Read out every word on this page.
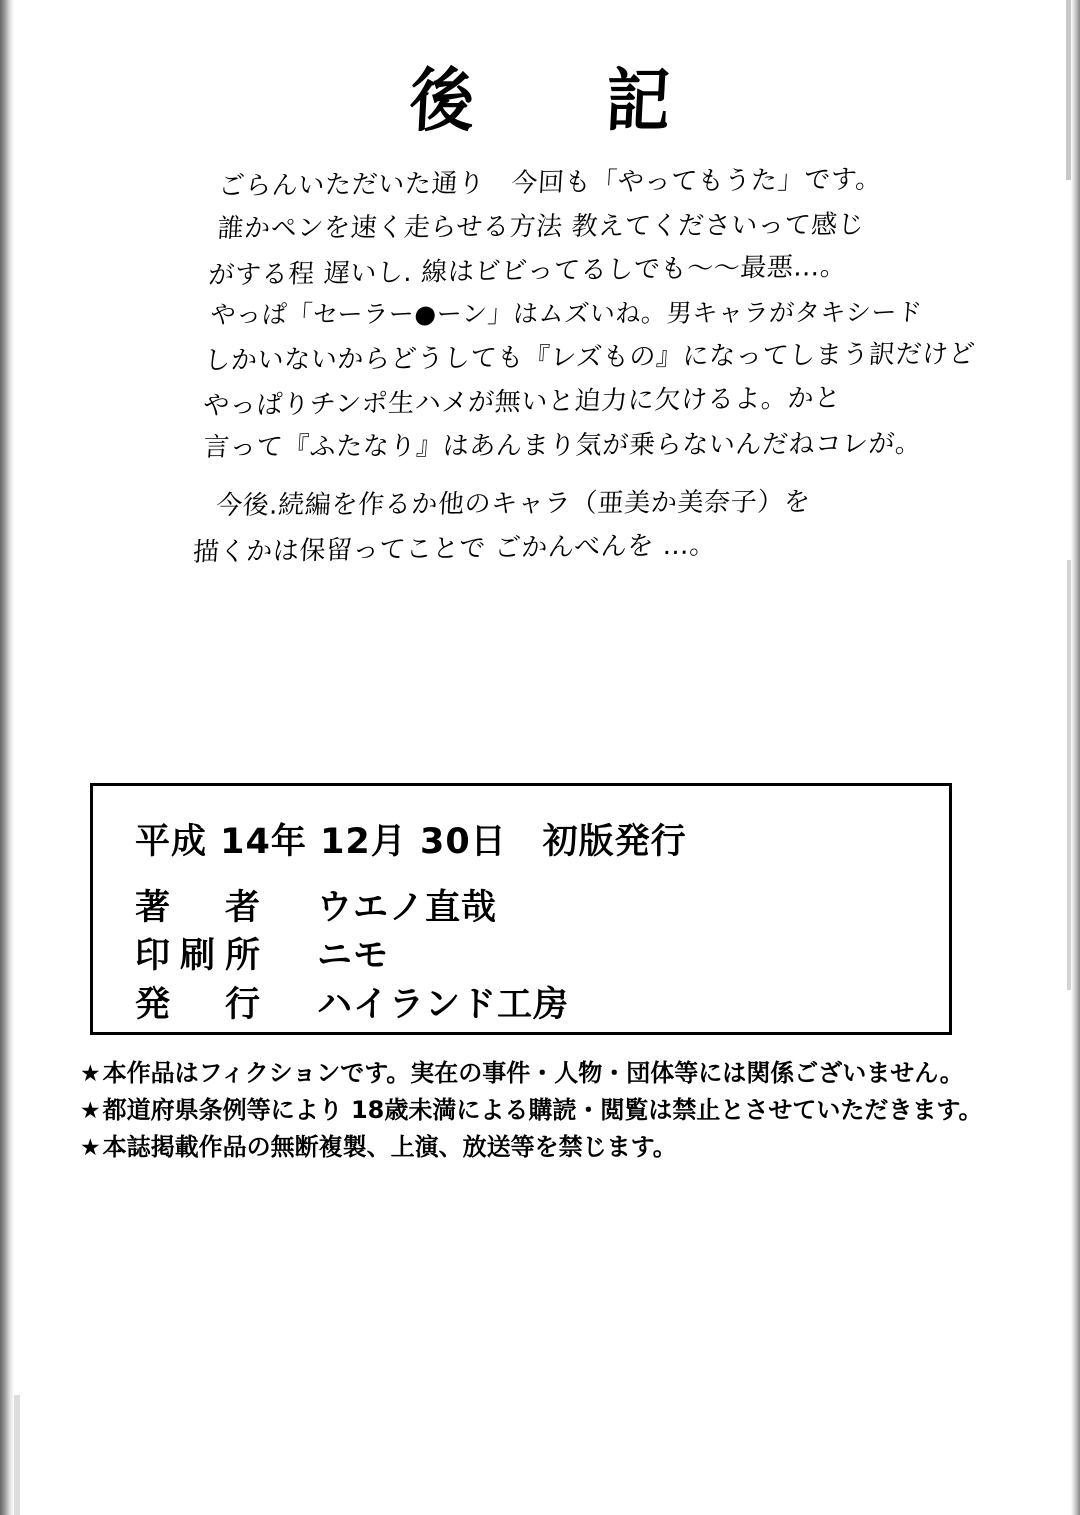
後　記

ごらんいただいた通り　今回も「やってもうた」です。

誰かペンを速く走らせる方法 教えてくださいって感じ

がする程 遅いし. 線はビビってるしでも〜〜最悪…。

やっぱ「セーラー●ーン」はムズいね。男キャラがタキシード

しかいないからどうしても『レズもの』になってしまう訳だけど

やっぱりチンポ生ハメが無いと迫力に欠けるよ。かと

言って『ふたなり』はあんまり気が乗らないんだねコレが。

今後.続編を作るか他のキャラ（亜美か美奈子）を

描くかは保留ってことで ごかんべんを …。

平成 14年 12月 30日　初版発行
著　者	ウエノ直哉
印刷所	ニモ
発　行	ハイランド工房
★ 本作品はフィクションです。実在の事件・人物・団体等には関係ございません。
★ 都道府県条例等により 18歳未満による購読・閲覧は禁止とさせていただきます。
★ 本誌掲載作品の無断複製、上演、放送等を禁じます。
